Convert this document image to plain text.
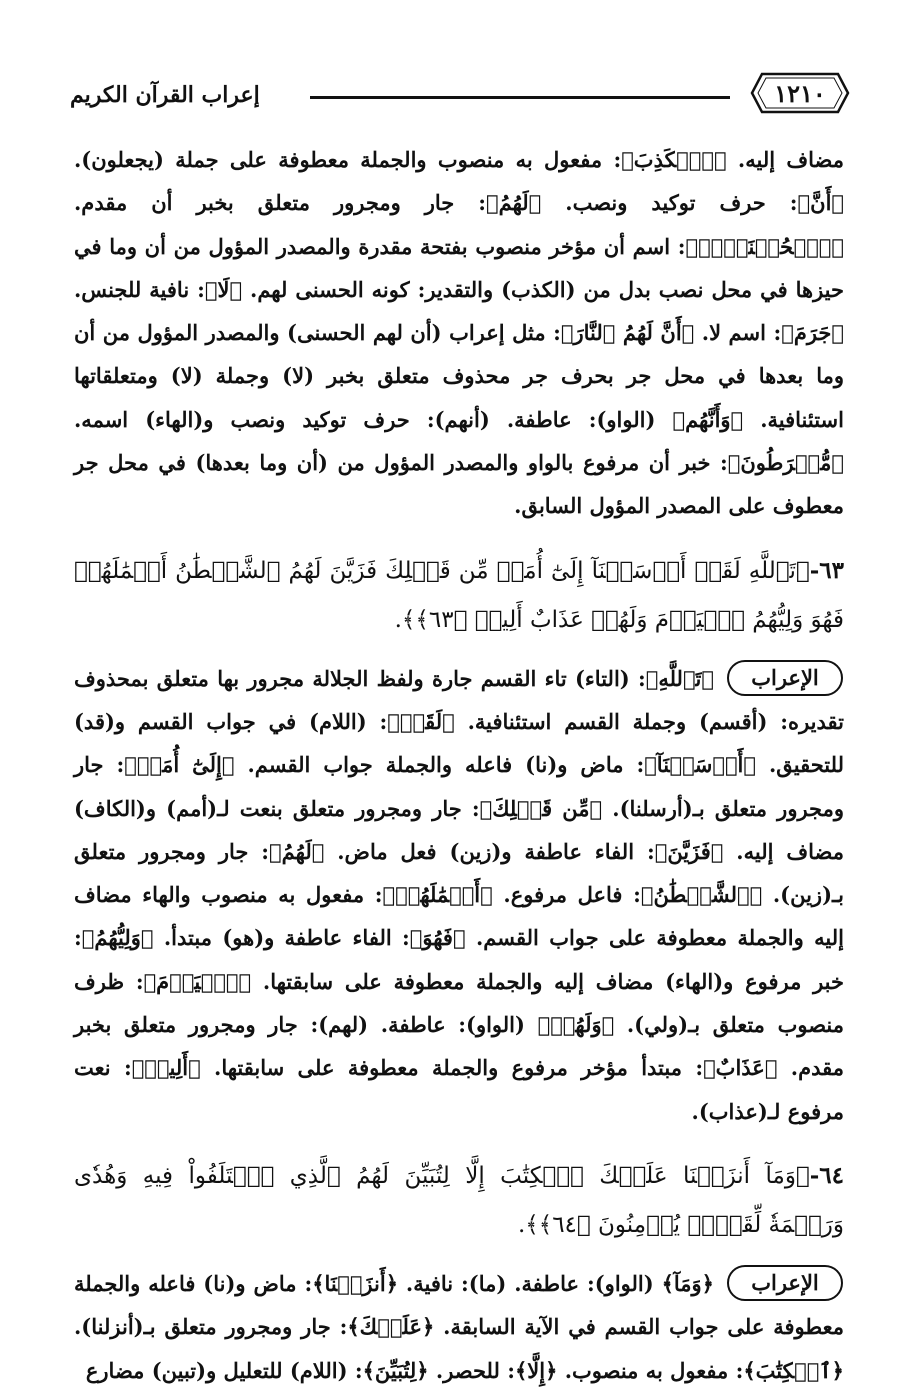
إعراب القرآن الكريم	١٢١٠

مضاف إليه. ﴿ٱلۡكَذِبَ﴾: مفعول به منصوب والجملة معطوفة على جملة (يجعلون). ﴿أَنَّ﴾: حرف توكيد ونصب. ﴿لَهُمُ﴾: جار ومجرور متعلق بخبر أن مقدم. ﴿ٱلۡحُسۡنَىٰٓۚ﴾: اسم أن مؤخر منصوب بفتحة مقدرة والمصدر المؤول من أن وما في حيزها في محل نصب بدل من (الكذب) والتقدير: كونه الحسنى لهم. ﴿لَا﴾: نافية للجنس. ﴿جَرَمَ﴾: اسم لا. ﴿أَنَّ لَهُمُ ٱلنَّارَ﴾: مثل إعراب (أن لهم الحسنى) والمصدر المؤول من أن وما بعدها في محل جر بحرف جر محذوف متعلق بخبر (لا) وجملة (لا) ومتعلقاتها استئنافية. ﴿وَأَنَّهُم﴾ (الواو): عاطفة. (أنهم): حرف توكيد ونصب و(الهاء) اسمه. ﴿مُّفۡرَطُونَ﴾: خبر أن مرفوع بالواو والمصدر المؤول من (أن وما بعدها) في محل جر معطوف على المصدر المؤول السابق.

٦٣-﴿تَٱللَّهِ لَقَدۡ أَرۡسَلۡنَآ إِلَىٰٓ أُمَمٖ مِّن قَبۡلِكَ فَزَيَّنَ لَهُمُ ٱلشَّيۡطَٰنُ أَعۡمَٰلَهُمۡ فَهُوَ وَلِيُّهُمُ ٱلۡيَوۡمَ وَلَهُمۡ عَذَابٌ أَلِيمٞ ﴿٦٣﴾﴾.

الإعراب

﴿تَٱللَّهِ﴾: (التاء) تاء القسم جارة ولفظ الجلالة مجرور بها متعلق بمحذوف تقديره: (أقسم) وجملة القسم استئنافية. ﴿لَقَدۡ﴾: (اللام) في جواب القسم و(قد) للتحقيق. ﴿أَرۡسَلۡنَآ﴾: ماض و(نا) فاعله والجملة جواب القسم. ﴿إِلَىٰٓ أُمَمٖ﴾: جار ومجرور متعلق بـ(أرسلنا). ﴿مِّن قَبۡلِكَ﴾: جار ومجرور متعلق بنعت لـ(أمم) و(الكاف) مضاف إليه. ﴿فَزَيَّنَ﴾: الفاء عاطفة و(زين) فعل ماض. ﴿لَهُمُ﴾: جار ومجرور متعلق بـ(زين). ﴿ٱلشَّيۡطَٰنُ﴾: فاعل مرفوع. ﴿أَعۡمَٰلَهُمۡ﴾: مفعول به منصوب والهاء مضاف إليه والجملة معطوفة على جواب القسم. ﴿فَهُوَ﴾: الفاء عاطفة و(هو) مبتدأ. ﴿وَلِيُّهُمُ﴾: خبر مرفوع و(الهاء) مضاف إليه والجملة معطوفة على سابقتها. ﴿ٱلۡيَوۡمَ﴾: ظرف منصوب متعلق بـ(ولي). ﴿وَلَهُمۡ﴾ (الواو): عاطفة. (لهم): جار ومجرور متعلق بخبر مقدم. ﴿عَذَابٌ﴾: مبتدأ مؤخر مرفوع والجملة معطوفة على سابقتها. ﴿أَلِيمٞ﴾: نعت مرفوع لـ(عذاب).

٦٤-﴿وَمَآ أَنزَلۡنَا عَلَيۡكَ ٱلۡكِتَٰبَ إِلَّا لِتُبَيِّنَ لَهُمُ ٱلَّذِي ٱخۡتَلَفُواْ فِيهِ وَهُدٗى وَرَحۡمَةٗ لِّقَوۡمٖ يُؤۡمِنُونَ ﴿٦٤﴾﴾.

الإعراب

﴿وَمَآ﴾ (الواو): عاطفة. (ما): نافية. ﴿أَنزَلۡنَا﴾: ماض و(نا) فاعله والجملة معطوفة على جواب القسم في الآية السابقة. ﴿عَلَيۡكَ﴾: جار ومجرور متعلق بـ(أنزلنا). ﴿ٱلۡكِتَٰبَ﴾: مفعول به منصوب. ﴿إِلَّا﴾: للحصر. ﴿لِتُبَيِّنَ﴾: (اللام) للتعليل و(تبين) مضارع
